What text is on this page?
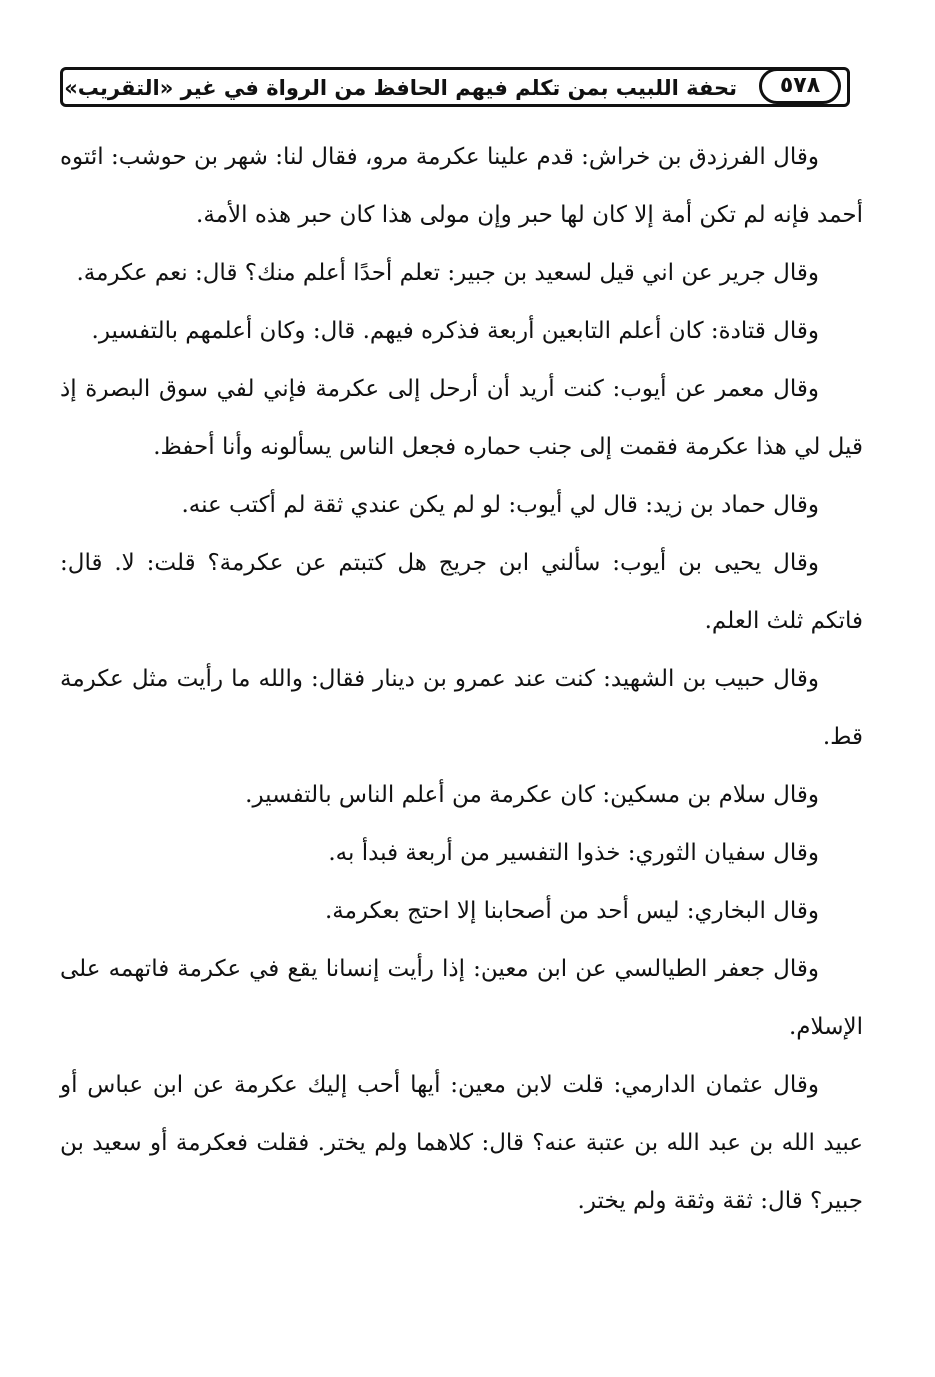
تحفة اللبيب بمن تكلم فيهم الحافظ من الرواة في غير «التقريب»	٥٧٨

وقال الفرزدق بن خراش: قدم علينا عكرمة مرو، فقال لنا: شهر بن حوشب: ائتوه أحمد فإنه لم تكن أمة إلا كان لها حبر وإن مولى هذا كان حبر هذه الأمة.

وقال جرير عن اني قيل لسعيد بن جبير: تعلم أحدًا أعلم منك؟ قال: نعم عكرمة.

وقال قتادة: كان أعلم التابعين أربعة فذكره فيهم. قال: وكان أعلمهم بالتفسير.

وقال معمر عن أيوب: كنت أريد أن أرحل إلى عكرمة فإني لفي سوق البصرة إذ قيل لي هذا عكرمة فقمت إلى جنب حماره فجعل الناس يسألونه وأنا أحفظ.

وقال حماد بن زيد: قال لي أيوب: لو لم يكن عندي ثقة لم أكتب عنه.

وقال يحيى بن أيوب: سألني ابن جريج هل كتبتم عن عكرمة؟ قلت: لا. قال: فاتكم ثلث العلم.

وقال حبيب بن الشهيد: كنت عند عمرو بن دينار فقال: والله ما رأيت مثل عكرمة قط.

وقال سلام بن مسكين: كان عكرمة من أعلم الناس بالتفسير.

وقال سفيان الثوري: خذوا التفسير من أربعة فبدأ به.

وقال البخاري: ليس أحد من أصحابنا إلا احتج بعكرمة.

وقال جعفر الطيالسي عن ابن معين: إذا رأيت إنسانا يقع في عكرمة فاتهمه على الإسلام.

وقال عثمان الدارمي: قلت لابن معين: أيها أحب إليك عكرمة عن ابن عباس أو عبيد الله بن عبد الله بن عتبة عنه؟ قال: كلاهما ولم يختر. فقلت فعكرمة أو سعيد بن جبير؟ قال: ثقة وثقة ولم يختر.
